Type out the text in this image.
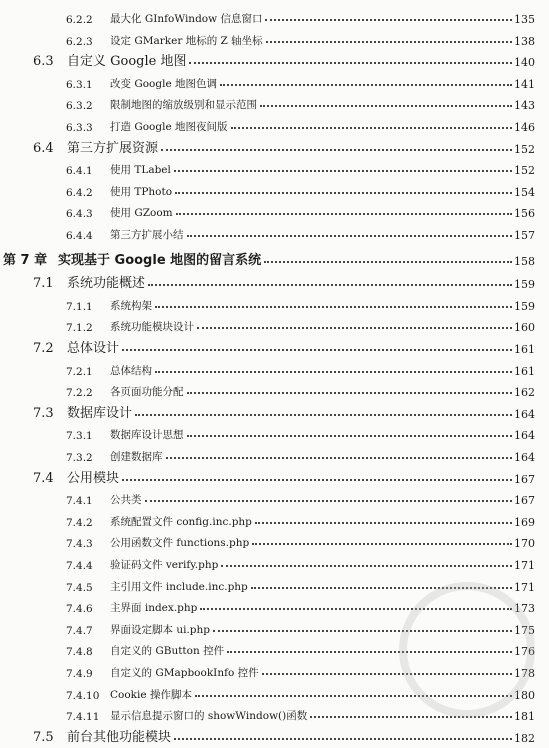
6.2.2	最大化 GInfoWindow 信息窗口	135
6.2.3	设定 GMarker 地标的 Z 轴坐标	138
6.3	自定义 Google 地图	140
6.3.1	改变 Google 地图色调	141
6.3.2	限制地图的缩放级别和显示范围	143
6.3.3	打造 Google 地图夜间版	146
6.4	第三方扩展资源	152
6.4.1	使用 TLabel	152
6.4.2	使用 TPhoto	154
6.4.3	使用 GZoom	156
6.4.4	第三方扩展小结	157
第 7 章 实现基于 Google 地图的留言系统	158
7.1	系统功能概述	159
7.1.1	系统构架	159
7.1.2	系统功能模块设计	160
7.2	总体设计	161
7.2.1	总体结构	161
7.2.2	各页面功能分配	162
7.3	数据库设计	164
7.3.1	数据库设计思想	164
7.3.2	创建数据库	164
7.4	公用模块	167
7.4.1	公共类	167
7.4.2	系统配置文件 config.inc.php	169
7.4.3	公用函数文件 functions.php	170
7.4.4	验证码文件 verify.php	171
7.4.5	主引用文件 include.inc.php	171
7.4.6	主界面 index.php	173
7.4.7	界面设定脚本 ui.php	175
7.4.8	自定义的 GButton 控件	176
7.4.9	自定义的 GMapbookInfo 控件	178
7.4.10	Cookie 操作脚本	180
7.4.11	显示信息提示窗口的 showWindow()函数	181
7.5	前台其他功能模块	182
